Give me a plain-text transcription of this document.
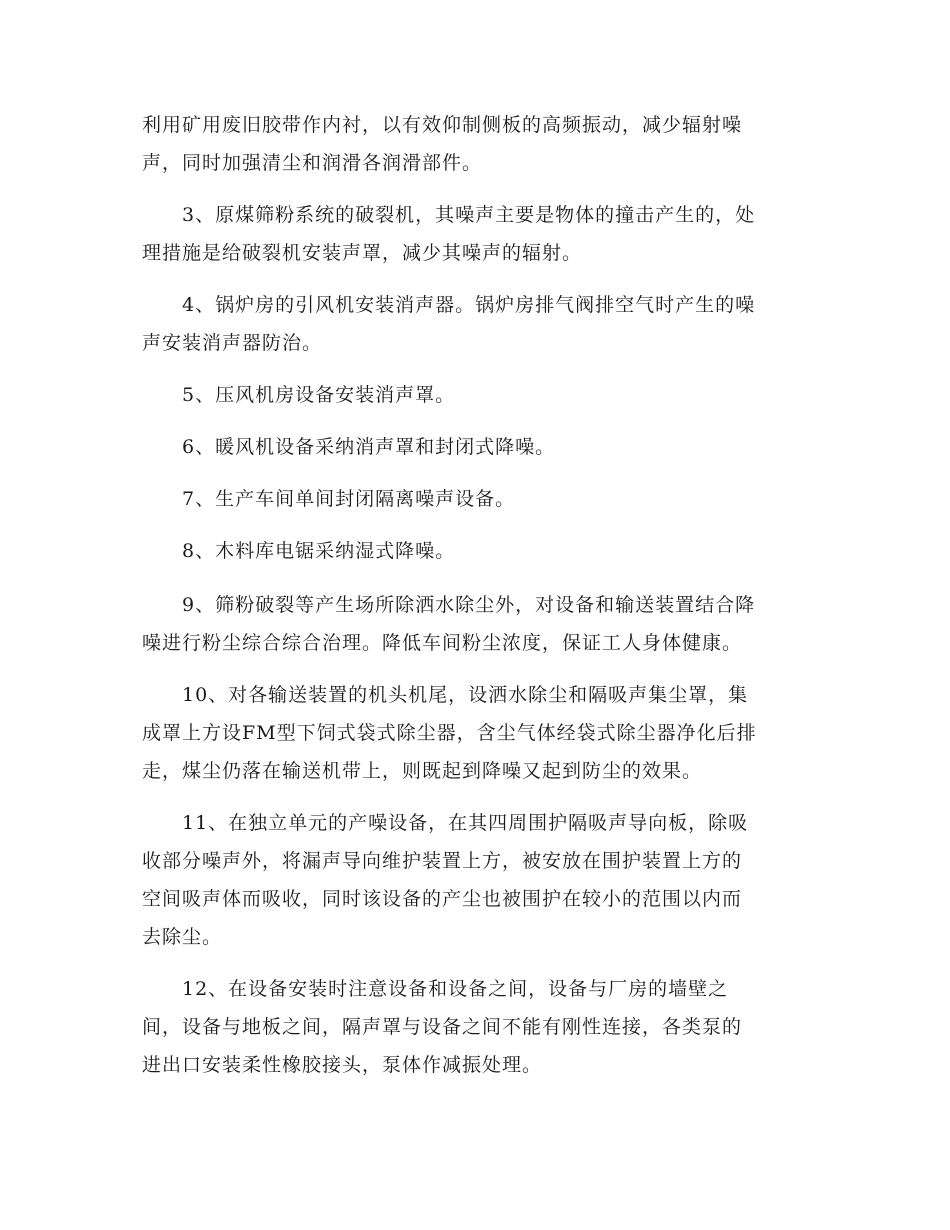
利用矿用废旧胶带作内衬，以有效仰制侧板的高频振动，减少辐射噪
声，同时加强清尘和润滑各润滑部件。
　　3、原煤筛粉系统的破裂机，其噪声主要是物体的撞击产生的，处
理措施是给破裂机安装声罩，减少其噪声的辐射。
　　4、锅炉房的引风机安装消声器。锅炉房排气阀排空气时产生的噪
声安装消声器防治。
　　5、压风机房设备安装消声罩。
　　6、暖风机设备采纳消声罩和封闭式降噪。
　　7、生产车间单间封闭隔离噪声设备。
　　8、木料库电锯采纳湿式降噪。
　　9、筛粉破裂等产生场所除洒水除尘外，对设备和输送装置结合降
噪进行粉尘综合综合治理。降低车间粉尘浓度，保证工人身体健康。
　　10、对各输送装置的机头机尾，设洒水除尘和隔吸声集尘罩，集
成罩上方设FM型下饲式袋式除尘器，含尘气体经袋式除尘器净化后排
走，煤尘仍落在输送机带上，则既起到降噪又起到防尘的效果。
　　11、在独立单元的产噪设备，在其四周围护隔吸声导向板，除吸
收部分噪声外，将漏声导向维护装置上方，被安放在围护装置上方的
空间吸声体而吸收，同时该设备的产尘也被围护在较小的范围以内而
去除尘。
　　12、在设备安装时注意设备和设备之间，设备与厂房的墙壁之
间，设备与地板之间，隔声罩与设备之间不能有刚性连接，各类泵的
进出口安装柔性橡胶接头，泵体作减振处理。
